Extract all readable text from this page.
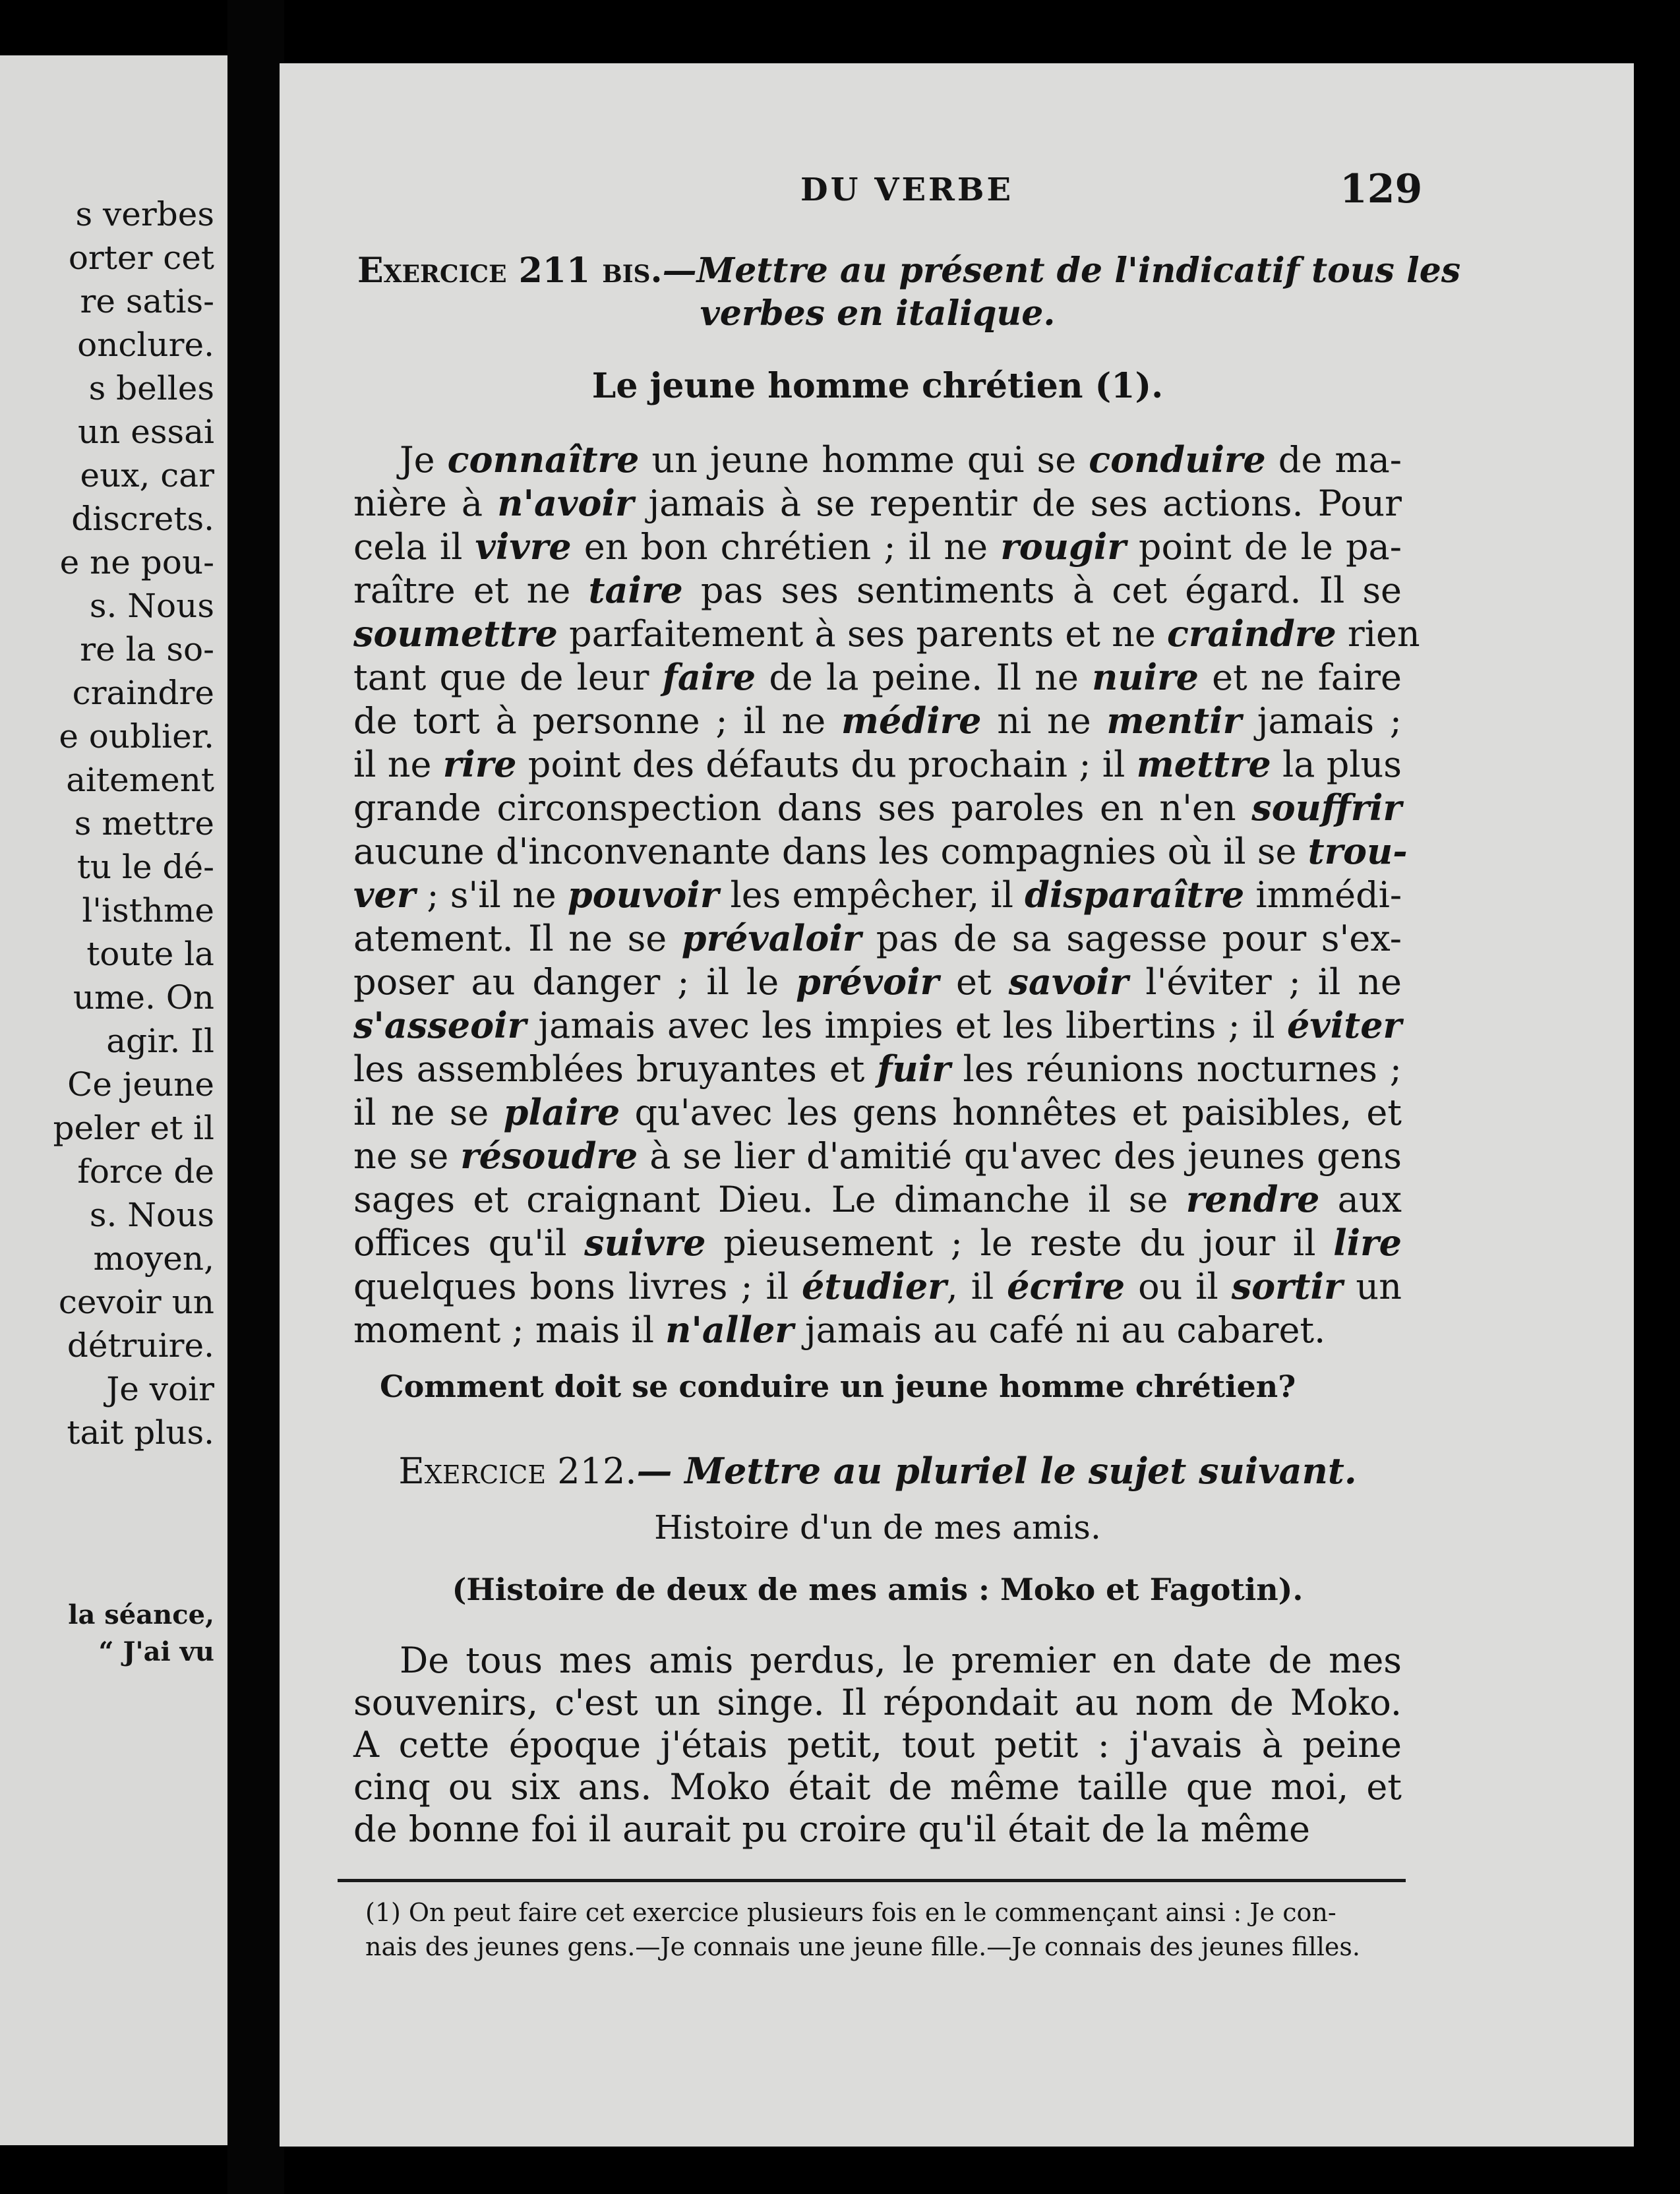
s verbes
orter cet
re satis-
onclure.
s belles
un essai
eux, car
discrets.
e ne pou-
s. Nous
re la so-
craindre
e oublier.
aitement
s mettre
tu le dé-
l'isthme
toute la
ume. On
agir. Il
Ce jeune
peler et il
force de
s. Nous
moyen,
cevoir un
détruire.
Je voir
tait plus.
la séance,
“ J'ai vu
DU VERBE	129
Exercice 211 bis.—Mettre au présent de l'indicatif tous les
verbes en italique.
Le jeune homme chrétien (1).
Je connaître un jeune homme qui se conduire de ma-
nière à n'avoir jamais à se repentir de ses actions. Pour
cela il vivre en bon chrétien ; il ne rougir point de le pa-
raître et ne taire pas ses sentiments à cet égard. Il se
soumettre parfaitement à ses parents et ne craindre rien
tant que de leur faire de la peine. Il ne nuire et ne faire
de tort à personne ; il ne médire ni ne mentir jamais ;
il ne rire point des défauts du prochain ; il mettre la plus
grande circonspection dans ses paroles en n'en souffrir
aucune d'inconvenante dans les compagnies où il se trou-
ver ; s'il ne pouvoir les empêcher, il disparaître immédi-
atement. Il ne se prévaloir pas de sa sagesse pour s'ex-
poser au danger ; il le prévoir et savoir l'éviter ; il ne
s'asseoir jamais avec les impies et les libertins ; il éviter
les assemblées bruyantes et fuir les réunions nocturnes ;
il ne se plaire qu'avec les gens honnêtes et paisibles, et
ne se résoudre à se lier d'amitié qu'avec des jeunes gens
sages et craignant Dieu. Le dimanche il se rendre aux
offices qu'il suivre pieusement ; le reste du jour il lire
quelques bons livres ; il étudier, il écrire ou il sortir un
moment ; mais il n'aller jamais au café ni au cabaret.
Comment doit se conduire un jeune homme chrétien?
Exercice 212.— Mettre au pluriel le sujet suivant.
Histoire d'un de mes amis.
(Histoire de deux de mes amis : Moko et Fagotin).
De tous mes amis perdus, le premier en date de mes
souvenirs, c'est un singe. Il répondait au nom de Moko.
A cette époque j'étais petit, tout petit : j'avais à peine
cinq ou six ans. Moko était de même taille que moi, et
de bonne foi il aurait pu croire qu'il était de la même
(1) On peut faire cet exercice plusieurs fois en le commençant ainsi : Je con-
nais des jeunes gens.—Je connais une jeune fille.—Je connais des jeunes filles.
